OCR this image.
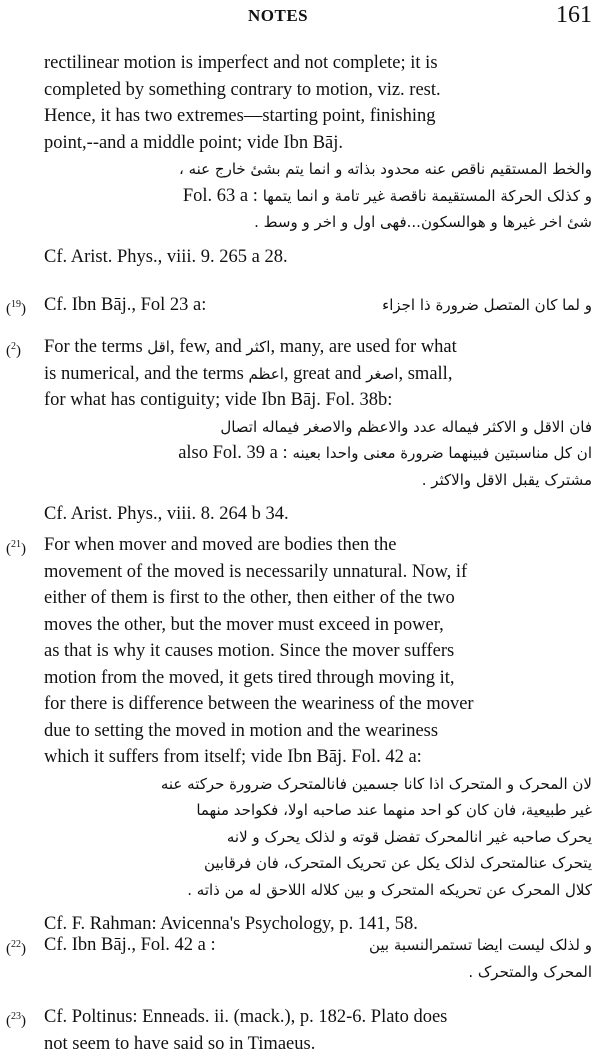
NOTES	161
rectilinear motion is imperfect and not complete; it is
completed by something contrary to motion, viz. rest.
Hence, it has two extremes—starting point, finishing
point,--and a middle point; vide Ibn Bāj.
والخط المستقیم ناقص عنه محدود بذاته و انما یتم بشیٔ خارج عنه ،
و کذلک الحرکة المستقیمة ناقصة غیر تامة و انما یتمها Fol. 63 a :
شیٔ اخر غیرها و هوالسکون...فهی اول و اخر و وسط .
Cf. Arist. Phys., viii. 9. 265 a 28.
($^{19}$) Cf. Ibn Bāj., Fol 23 a:	و لما کان المتصل ضرورة ذا اجزاء
($^2$) For the terms اقل, few, and اکثر, many, are used for what
is numerical, and the terms اعظم, great and اصغر, small,
for what has contiguity; vide Ibn Bāj. Fol. 38b:
فان الاقل و الاکثر فیماله عدد والاعظم والاصغر فیماله اتصال
ان کل مناسبتین فبینهما ضرورة معنی واحدا بعینه also Fol. 39 a :
مشترک یقبل الاقل والاکثر .
Cf. Arist. Phys., viii. 8. 264 b 34.
($^{21}$) For when mover and moved are bodies then the
movement of the moved is necessarily unnatural. Now, if
either of them is first to the other, then either of the two
moves the other, but the mover must exceed in power,
as that is why it causes motion. Since the mover suffers
motion from the moved, it gets tired through moving it,
for there is difference between the weariness of the mover
due to setting the moved in motion and the weariness
which it suffers from itself; vide Ibn Bāj. Fol. 42 a:
لان المحرک و المتحرک اذا کانا جسمین فانالمتحرک ضرورة حرکته عنه
غیر طبیعیة، فان کان کو احد منهما عند صاحبه اولا، فکواحد منهما
یحرک صاحبه غیر انالمحرک تفضل قوته و لذلک یحرک و لانه
یتحرک عنالمتحرک لذلک یکل عن تحریک المتحرک، فان فرقابین
کلال المحرک عن تحریکه المتحرک و بین کلاله اللاحق له من ذاته .
Cf. F. Rahman: Avicenna's Psychology, p. 141, 58.
($^{22}$) Cf. Ibn Bāj., Fol. 42 a :	و لذلک لیست ایضا تستمرالنسبة بین
المحرک والمتحرک .
($^{23}$) Cf. Poltinus: Enneads. ii. (mack.), p. 182-6. Plato does
not seem to have said so in Timaeus.
